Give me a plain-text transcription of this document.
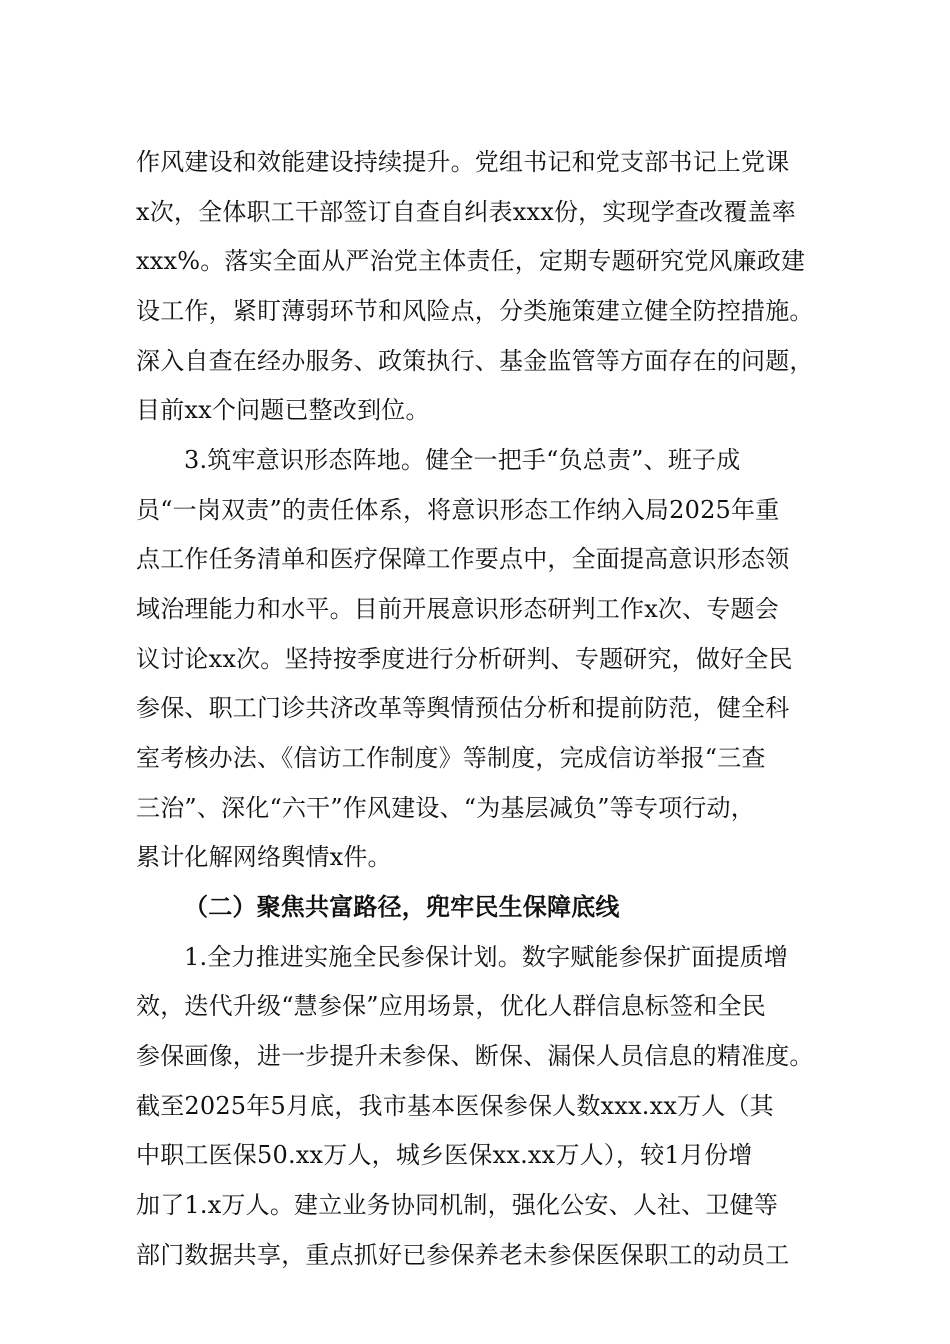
作风建设和效能建设持续提升。党组书记和党支部书记上党课
x次，全体职工干部签订自查自纠表xxx份，实现学查改覆盖率
xxx%。落实全面从严治党主体责任，定期专题研究党风廉政建
设工作，紧盯薄弱环节和风险点，分类施策建立健全防控措施。
深入自查在经办服务、政策执行、基金监管等方面存在的问题，
目前xx个问题已整改到位。
3.筑牢意识形态阵地。健全一把手“负总责”、班子成
员“一岗双责”的责任体系，将意识形态工作纳入局2025年重
点工作任务清单和医疗保障工作要点中，全面提高意识形态领
域治理能力和水平。目前开展意识形态研判工作x次、专题会
议讨论xx次。坚持按季度进行分析研判、专题研究，做好全民
参保、职工门诊共济改革等舆情预估分析和提前防范，健全科
室考核办法、《信访工作制度》等制度，完成信访举报“三查
三治”、深化“六干”作风建设、“为基层减负”等专项行动，
累计化解网络舆情x件。
（二）聚焦共富路径，兜牢民生保障底线
1.全力推进实施全民参保计划。数字赋能参保扩面提质增
效，迭代升级“慧参保”应用场景，优化人群信息标签和全民
参保画像，进一步提升未参保、断保、漏保人员信息的精准度。
截至2025年5月底，我市基本医保参保人数xxx.xx万人（其
中职工医保50.xx万人，城乡医保xx.xx万人），较1月份增
加了1.x万人。建立业务协同机制，强化公安、人社、卫健等
部门数据共享，重点抓好已参保养老未参保医保职工的动员工
